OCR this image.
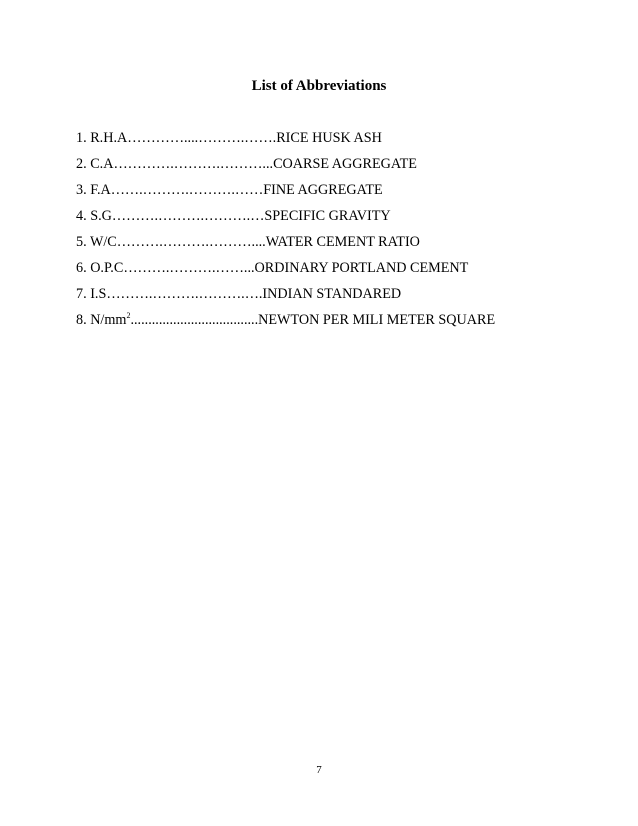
List of Abbreviations
1. R.H.A…………....……….…….RICE HUSK ASH
2. C.A………….……….………...COARSE AGGREGATE
3. F.A…….……….……….……FINE AGGREGATE
4. S.G……….……….……….…SPECIFIC GRAVITY
5. W/C……….……….………....WATER CEMENT RATIO
6. O.P.C……….……….……...ORDINARY PORTLAND CEMENT
7. I.S……….……….……….….INDIAN STANDARED
8. $N/mm^2....................................NEWTON$ PER MILI METER SQUARE
7
